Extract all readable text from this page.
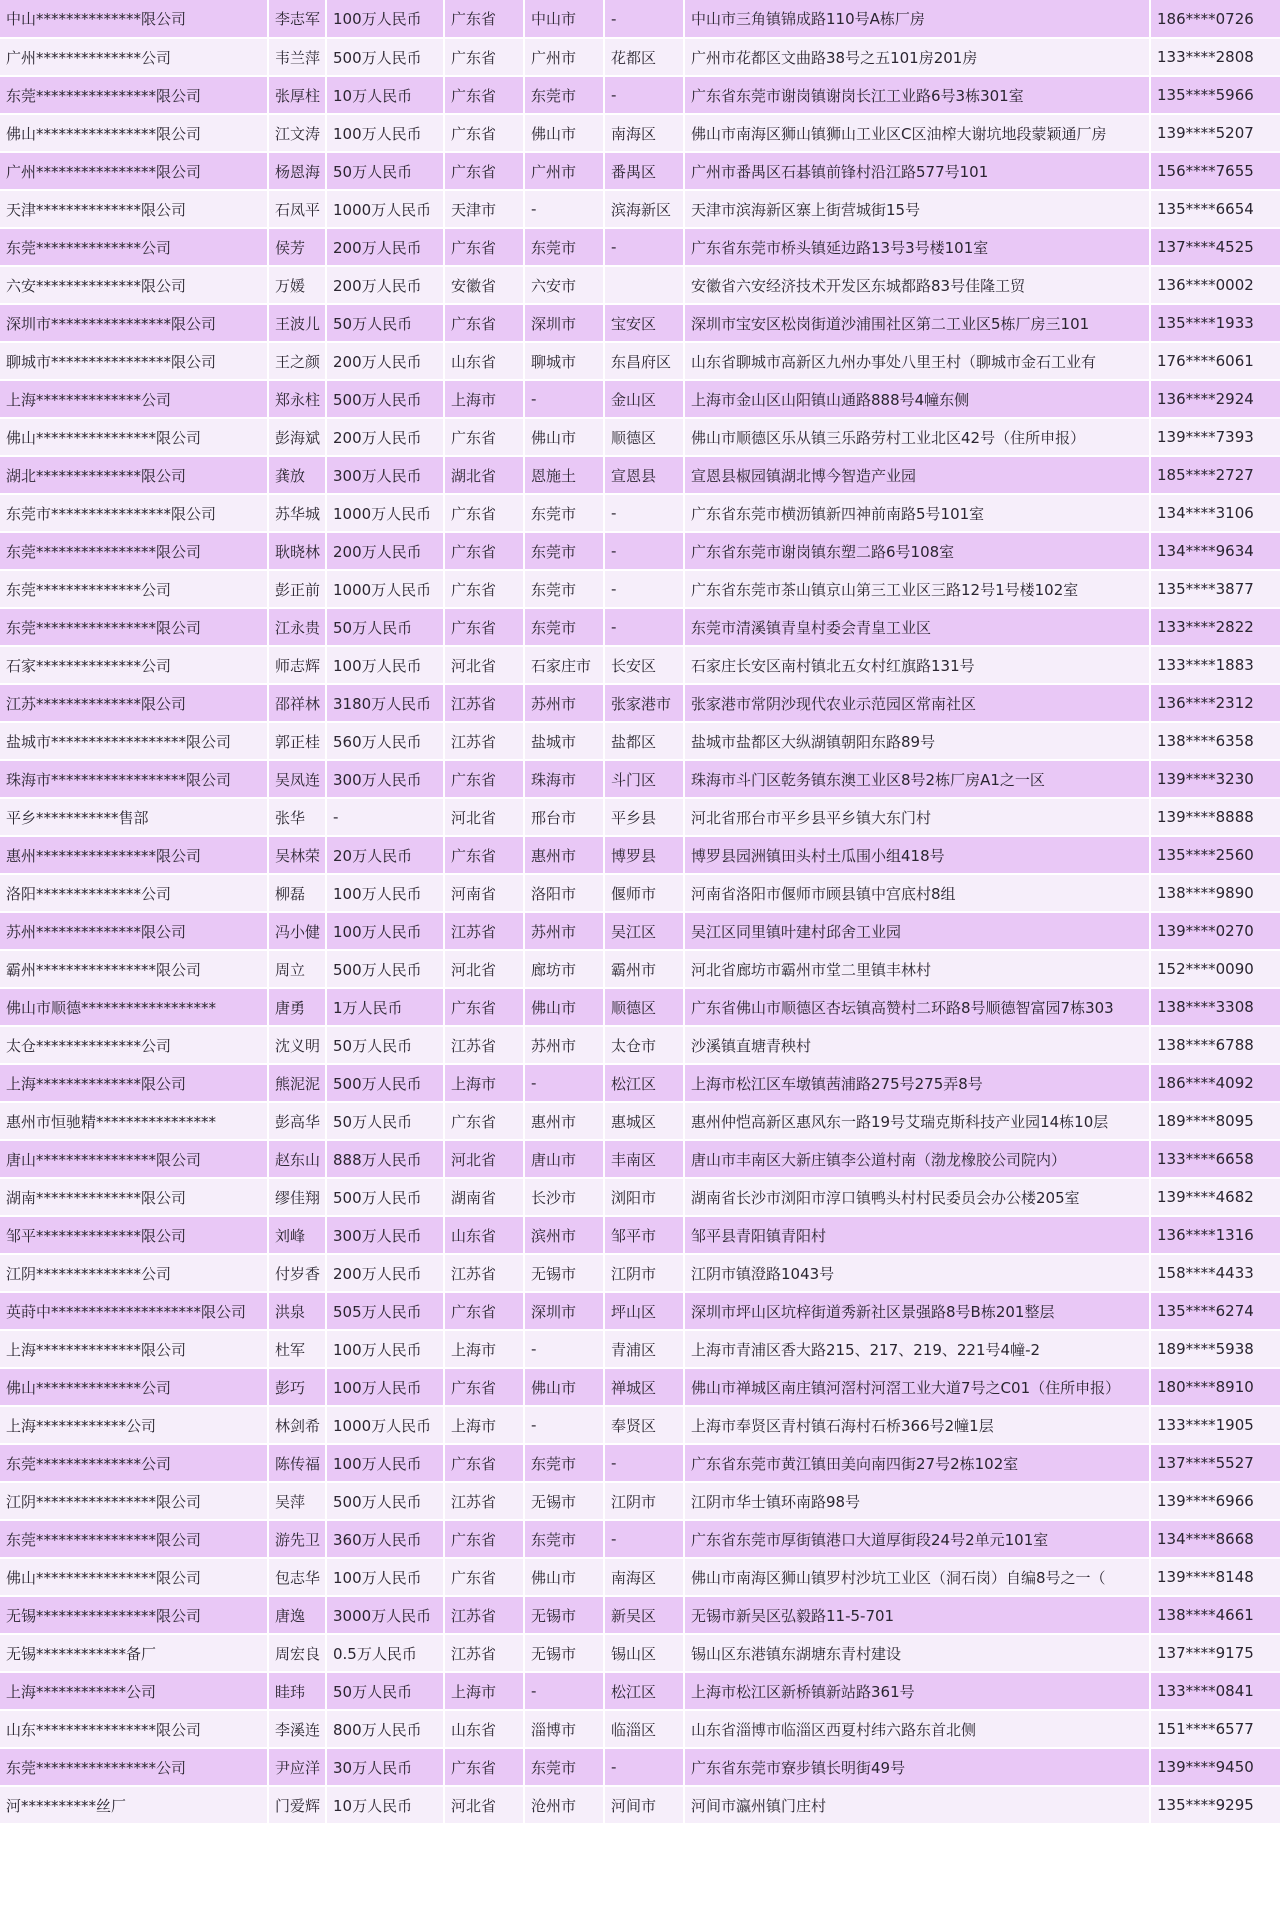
中山**************限公司	李志军	100万人民币	广东省	中山市	-	中山市三角镇锦成路110号A栋厂房	186****0726
广州**************公司	韦兰萍	500万人民币	广东省	广州市	花都区	广州市花都区文曲路38号之五101房201房	133****2808
东莞****************限公司	张厚柱	10万人民币	广东省	东莞市	-	广东省东莞市谢岗镇谢岗长江工业路6号3栋301室	135****5966
佛山****************限公司	江文涛	100万人民币	广东省	佛山市	南海区	佛山市南海区狮山镇狮山工业区C区油榨大谢坑地段蒙颖通厂房	139****5207
广州****************限公司	杨恩海	50万人民币	广东省	广州市	番禺区	广州市番禺区石碁镇前锋村沿江路577号101	156****7655
天津**************限公司	石凤平	1000万人民币	天津市	-	滨海新区	天津市滨海新区寨上街营城街15号	135****6654
东莞**************公司	侯芳	200万人民币	广东省	东莞市	-	广东省东莞市桥头镇延边路13号3号楼101室	137****4525
六安**************限公司	万媛	200万人民币	安徽省	六安市		安徽省六安经济技术开发区东城都路83号佳隆工贸	136****0002
深圳市****************限公司	王波儿	50万人民币	广东省	深圳市	宝安区	深圳市宝安区松岗街道沙浦围社区第二工业区5栋厂房三101	135****1933
聊城市****************限公司	王之颜	200万人民币	山东省	聊城市	东昌府区	山东省聊城市高新区九州办事处八里王村（聊城市金石工业有	176****6061
上海**************公司	郑永柱	500万人民币	上海市	-	金山区	上海市金山区山阳镇山通路888号4幢东侧	136****2924
佛山****************限公司	彭海斌	200万人民币	广东省	佛山市	顺德区	佛山市顺德区乐从镇三乐路劳村工业北区42号（住所申报）	139****7393
湖北**************限公司	龚放	300万人民币	湖北省	恩施土	宣恩县	宣恩县椒园镇湖北博今智造产业园	185****2727
东莞市****************限公司	苏华城	1000万人民币	广东省	东莞市	-	广东省东莞市横沥镇新四神前南路5号101室	134****3106
东莞****************限公司	耿晓林	200万人民币	广东省	东莞市	-	广东省东莞市谢岗镇东塑二路6号108室	134****9634
东莞**************公司	彭正前	1000万人民币	广东省	东莞市	-	广东省东莞市茶山镇京山第三工业区三路12号1号楼102室	135****3877
东莞****************限公司	江永贵	50万人民币	广东省	东莞市	-	东莞市清溪镇青皇村委会青皇工业区	133****2822
石家**************公司	师志辉	100万人民币	河北省	石家庄市	长安区	石家庄长安区南村镇北五女村红旗路131号	133****1883
江苏**************限公司	邵祥林	3180万人民币	江苏省	苏州市	张家港市	张家港市常阴沙现代农业示范园区常南社区	136****2312
盐城市******************限公司	郭正桂	560万人民币	江苏省	盐城市	盐都区	盐城市盐都区大纵湖镇朝阳东路89号	138****6358
珠海市******************限公司	吴凤连	300万人民币	广东省	珠海市	斗门区	珠海市斗门区乾务镇东澳工业区8号2栋厂房A1之一区	139****3230
平乡***********售部	张华	-	河北省	邢台市	平乡县	河北省邢台市平乡县平乡镇大东门村	139****8888
惠州****************限公司	吴林荣	20万人民币	广东省	惠州市	博罗县	博罗县园洲镇田头村土瓜围小组418号	135****2560
洛阳**************公司	柳磊	100万人民币	河南省	洛阳市	偃师市	河南省洛阳市偃师市顾县镇中宫底村8组	138****9890
苏州**************限公司	冯小健	100万人民币	江苏省	苏州市	吴江区	吴江区同里镇叶建村邱舍工业园	139****0270
霸州****************限公司	周立	500万人民币	河北省	廊坊市	霸州市	河北省廊坊市霸州市堂二里镇丰林村	152****0090
佛山市顺德******************	唐勇	1万人民币	广东省	佛山市	顺德区	广东省佛山市顺德区杏坛镇高赞村二环路8号顺德智富园7栋303	138****3308
太仓**************公司	沈义明	50万人民币	江苏省	苏州市	太仓市	沙溪镇直塘青秧村	138****6788
上海**************限公司	熊泥泥	500万人民币	上海市	-	松江区	上海市松江区车墩镇茜浦路275号275弄8号	186****4092
惠州市恒驰精****************	彭高华	50万人民币	广东省	惠州市	惠城区	惠州仲恺高新区惠风东一路19号艾瑞克斯科技产业园14栋10层	189****8095
唐山****************限公司	赵东山	888万人民币	河北省	唐山市	丰南区	唐山市丰南区大新庄镇李公道村南（渤龙橡胶公司院内）	133****6658
湖南**************限公司	缪佳翔	500万人民币	湖南省	长沙市	浏阳市	湖南省长沙市浏阳市淳口镇鸭头村村民委员会办公楼205室	139****4682
邹平**************限公司	刘峰	300万人民币	山东省	滨州市	邹平市	邹平县青阳镇青阳村	136****1316
江阴**************公司	付岁香	200万人民币	江苏省	无锡市	江阴市	江阴市镇澄路1043号	158****4433
英莳中********************限公司	洪泉	505万人民币	广东省	深圳市	坪山区	深圳市坪山区坑梓街道秀新社区景强路8号B栋201整层	135****6274
上海**************限公司	杜军	100万人民币	上海市	-	青浦区	上海市青浦区香大路215、217、219、221号4幢-2	189****5938
佛山**************公司	彭巧	100万人民币	广东省	佛山市	禅城区	佛山市禅城区南庄镇河滘村河滘工业大道7号之C01（住所申报）	180****8910
上海************公司	林剑希	1000万人民币	上海市	-	奉贤区	上海市奉贤区青村镇石海村石桥366号2幢1层	133****1905
东莞**************公司	陈传福	100万人民币	广东省	东莞市	-	广东省东莞市黄江镇田美向南四街27号2栋102室	137****5527
江阴****************限公司	吴萍	500万人民币	江苏省	无锡市	江阴市	江阴市华士镇环南路98号	139****6966
东莞****************限公司	游先卫	360万人民币	广东省	东莞市	-	广东省东莞市厚街镇港口大道厚街段24号2单元101室	134****8668
佛山****************限公司	包志华	100万人民币	广东省	佛山市	南海区	佛山市南海区狮山镇罗村沙坑工业区（洞石岗）自编8号之一（	139****8148
无锡****************限公司	唐逸	3000万人民币	江苏省	无锡市	新吴区	无锡市新吴区弘毅路11-5-701	138****4661
无锡************备厂	周宏良	0.5万人民币	江苏省	无锡市	锡山区	锡山区东港镇东湖塘东青村建设	137****9175
上海************公司	眭玮	50万人民币	上海市	-	松江区	上海市松江区新桥镇新站路361号	133****0841
山东****************限公司	李溪连	800万人民币	山东省	淄博市	临淄区	山东省淄博市临淄区西夏村纬六路东首北侧	151****6577
东莞****************公司	尹应洋	30万人民币	广东省	东莞市	-	广东省东莞市寮步镇长明街49号	139****9450
河**********丝厂	门爱辉	10万人民币	河北省	沧州市	河间市	河间市瀛州镇门庄村	135****9295
